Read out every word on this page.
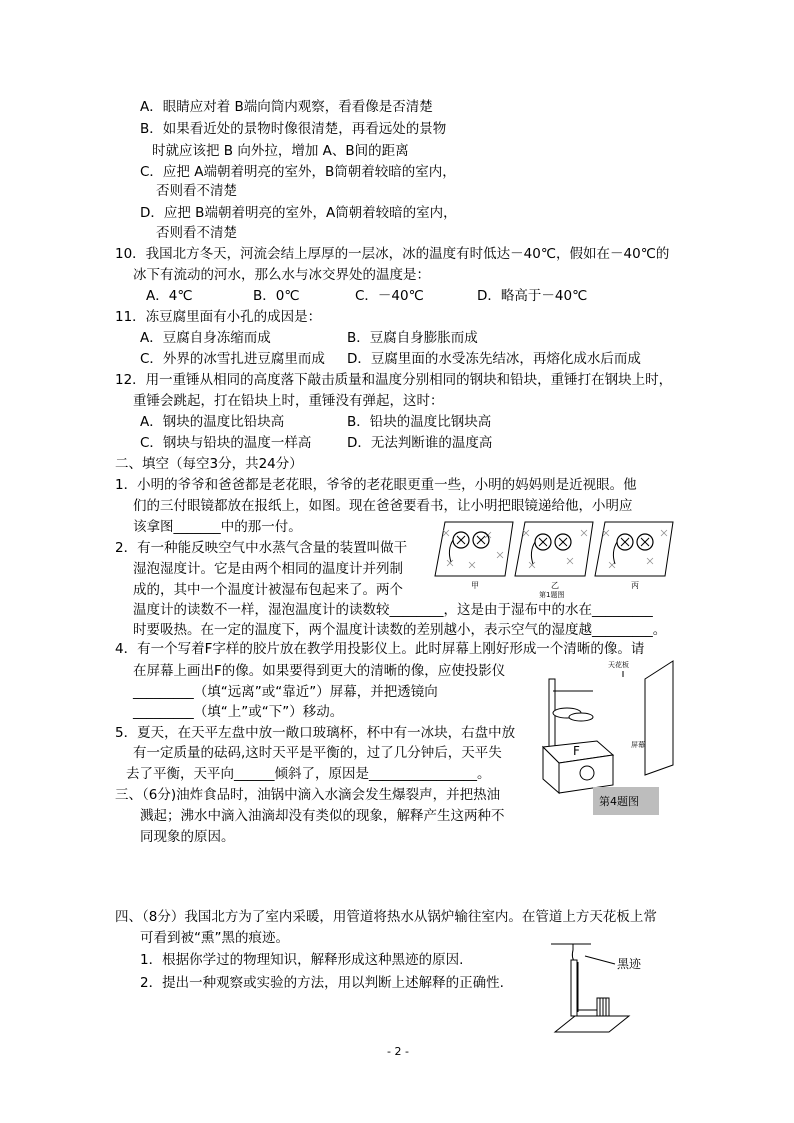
A．眼睛应对着 B端向筒内观察，看看像是否清楚
B．如果看近处的景物时像很清楚，再看远处的景物
时就应该把 B 向外拉，增加 A、B间的距离
C．应把 A端朝着明亮的室外，B筒朝着较暗的室内，
否则看不清楚
D．应把 B端朝着明亮的室外，A筒朝着较暗的室内，
否则看不清楚
10．我国北方冬天，河流会结上厚厚的一层冰，冰的温度有时低达－40℃，假如在－40℃的
冰下有流动的河水，那么水与冰交界处的温度是：
A．4℃	B．0℃	C．－40℃	D．略高于－40℃
11．冻豆腐里面有小孔的成因是：
A．豆腐自身冻缩而成	B．豆腐自身膨胀而成
C．外界的冰雪扎进豆腐里而成 D．豆腐里面的水受冻先结冰，再熔化成水后而成
12．用一重锤从相同的高度落下敲击质量和温度分别相同的钢块和铅块，重锤打在钢块上时，
重锤会跳起，打在铅块上时，重锤没有弹起，这时：
A．钢块的温度比铅块高	B．铅块的温度比钢块高
C．钢块与铅块的温度一样高	D．无法判断谁的温度高
二、填空（每空3分，共24分）
1．小明的爷爷和爸爸都是老花眼，爷爷的老花眼更重一些，小明的妈妈则是近视眼。他
们的三付眼镜都放在报纸上，如图。现在爸爸要看书，让小明把眼镜递给他，小明应
该拿图_______中的那一付。
2．有一种能反映空气中水蒸气含量的装置叫做干
湿泡湿度计。它是由两个相同的温度计并列制
成的，其中一个温度计被湿布包起来了。两个
温度计的读数不一样，湿泡温度计的读数较________，这是由于湿布中的水在_________
时要吸热。在一定的温度下，两个温度计读数的差别越小，表示空气的湿度越_________。
甲	乙	丙
第1题图
4．有一个写着F字样的胶片放在教学用投影仪上。此时屏幕上刚好形成一个清晰的像。请
在屏幕上画出F的像。如果要得到更大的清晰的像，应使投影仪
_________（填“远离”或“靠近”）屏幕，并把透镜向
_________（填“上”或“下”）移动。
5．夏天，在天平左盘中放一敞口玻璃杯，杯中有一冰块，右盘中放
有一定质量的砝码,这时天平是平衡的，过了几分钟后，天平失
去了平衡，天平向______倾斜了，原因是________________。
天花板
屏幕
F
第4题图
三、（6分)油炸食品时，油锅中滴入水滴会发生爆裂声，并把热油
溅起；沸水中滴入油滴却没有类似的现象，解释产生这两种不
同现象的原因。
四、（8分）我国北方为了室内采暖，用管道将热水从锅炉输往室内。在管道上方天花板上常
可看到被“熏”黑的痕迹。
1．根据你学过的物理知识，解释形成这种黑迹的原因.
2．提出一种观察或实验的方法，用以判断上述解释的正确性.
黑迹
- 2 -
